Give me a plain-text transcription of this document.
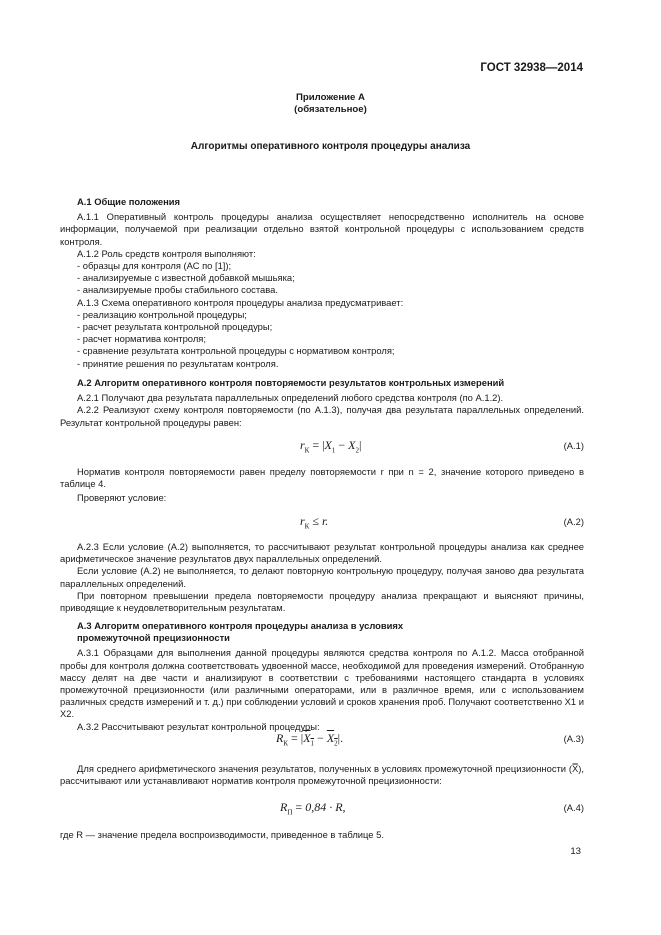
ГОСТ 32938—2014
Приложение А
(обязательное)
Алгоритмы оперативного контроля процедуры анализа

А.1 Общие положения

А.1.1 Оперативный контроль процедуры анализа осуществляет непосредственно исполнитель на основе информации, получаемой при реализации отдельно взятой контрольной процедуры с использованием средств контроля.

А.1.2 Роль средств контроля выполняют:

- образцы для контроля (АС по [1]);

- анализируемые с известной добавкой мышьяка;

- анализируемые пробы стабильного состава.

А.1.3 Схема оперативного контроля процедуры анализа предусматривает:

- реализацию контрольной процедуры;

- расчет результата контрольной процедуры;

- расчет норматива контроля;

- сравнение результата контрольной процедуры с нормативом контроля;

- принятие решения по результатам контроля.

А.2 Алгоритм оперативного контроля повторяемости результатов контрольных измерений

А.2.1 Получают два результата параллельных определений любого средства контроля (по А.1.2).

А.2.2 Реализуют схему контроля повторяемости (по А.1.3), получая два результата параллельных определений. Результат контрольной процедуры равен:

$r_К = |X_1 - X_2|$	(А.1)

Норматив контроля повторяемости равен пределу повторяемости r при n = 2, значение которого приведено в таблице 4.

Проверяют условие:

$r_К \le r$.	(А.2)

А.2.3 Если условие (А.2) выполняется, то рассчитывают результат контрольной процедуры анализа как среднее арифметическое значение результатов двух параллельных определений.

Если условие (А.2) не выполняется, то делают повторную контрольную процедуру, получая заново два результата параллельных определений.

При повторном превышении предела повторяемости процедуру анализа прекращают и выясняют причины, приводящие к неудовлетворительным результатам.

А.3 Алгоритм оперативного контроля процедуры анализа в условиях

промежуточной прецизионности

А.3.1 Образцами для выполнения данной процедуры являются средства контроля по А.1.2. Масса отобранной пробы для контроля должна соответствовать удвоенной массе, необходимой для проведения измерений. Отобранную массу делят на две части и анализируют в соответствии с требованиями настоящего стандарта в условиях промежуточной прецизионности (или различными операторами, или в различное время, или с использованием различных средств измерений и т. д.) при соблюдении условий и сроков хранения проб. Получают соответственно X1 и X2.

А.3.2 Рассчитывают результат контрольной процедуры:

$R_К = |X_1 - X_2|$.	(А.3)

Для среднего арифметического значения результатов, полученных в условиях промежуточной прецизионности (X̿), рассчитывают или устанавливают норматив контроля промежуточной прецизионности:

$R_П = 0,84 \cdot R$,	(А.4)

где R — значение предела воспроизводимости, приведенное в таблице 5.

13
